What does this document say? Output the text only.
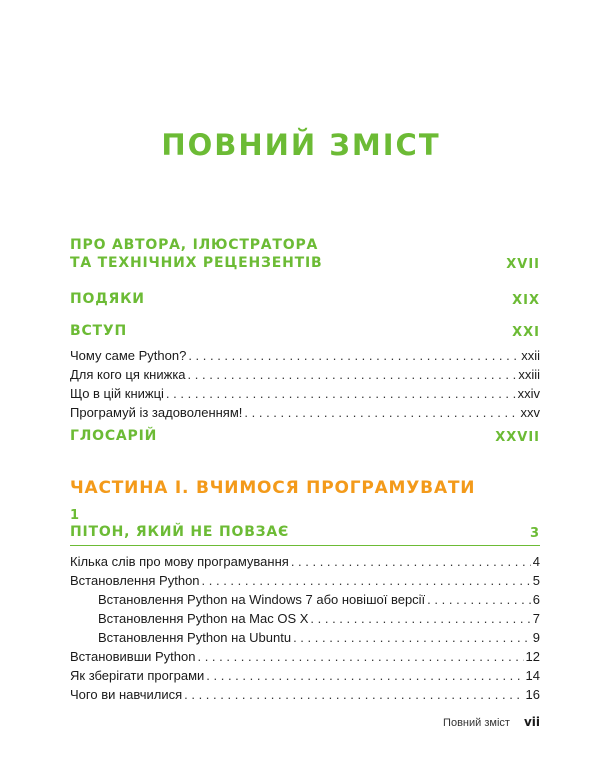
ПОВНИЙ ЗМІСТ
ПРО АВТОРА, ІЛЮСТРАТОРА
ТА ТЕХНІЧНИХ РЕЦЕНЗЕНТІВ	XVII
ПОДЯКИ	XIX
ВСТУП	XXI
Чому саме Python? . . .	xxii
Для кого ця книжка . . .	xxiii
Що в цій книжці . . .	xxiv
Програмуй із задоволенням! . . .	xxv
ГЛОСАРІЙ	XXVII
ЧАСТИНА І. ВЧИМОСЯ ПРОГРАМУВАТИ
1
ПІТОН, ЯКИЙ НЕ ПОВЗАЄ	3
Кілька слів про мову програмування . . .	4
Встановлення Python . . .	5
Встановлення Python на Windows 7 або новішої версії . . .	6
Встановлення Python на Mac OS X . . .	7
Встановлення Python на Ubuntu . . .	9
Встановивши Python . . .	12
Як зберігати програми . . .	14
Чого ви навчилися . . .	16
Повний зміст vii
